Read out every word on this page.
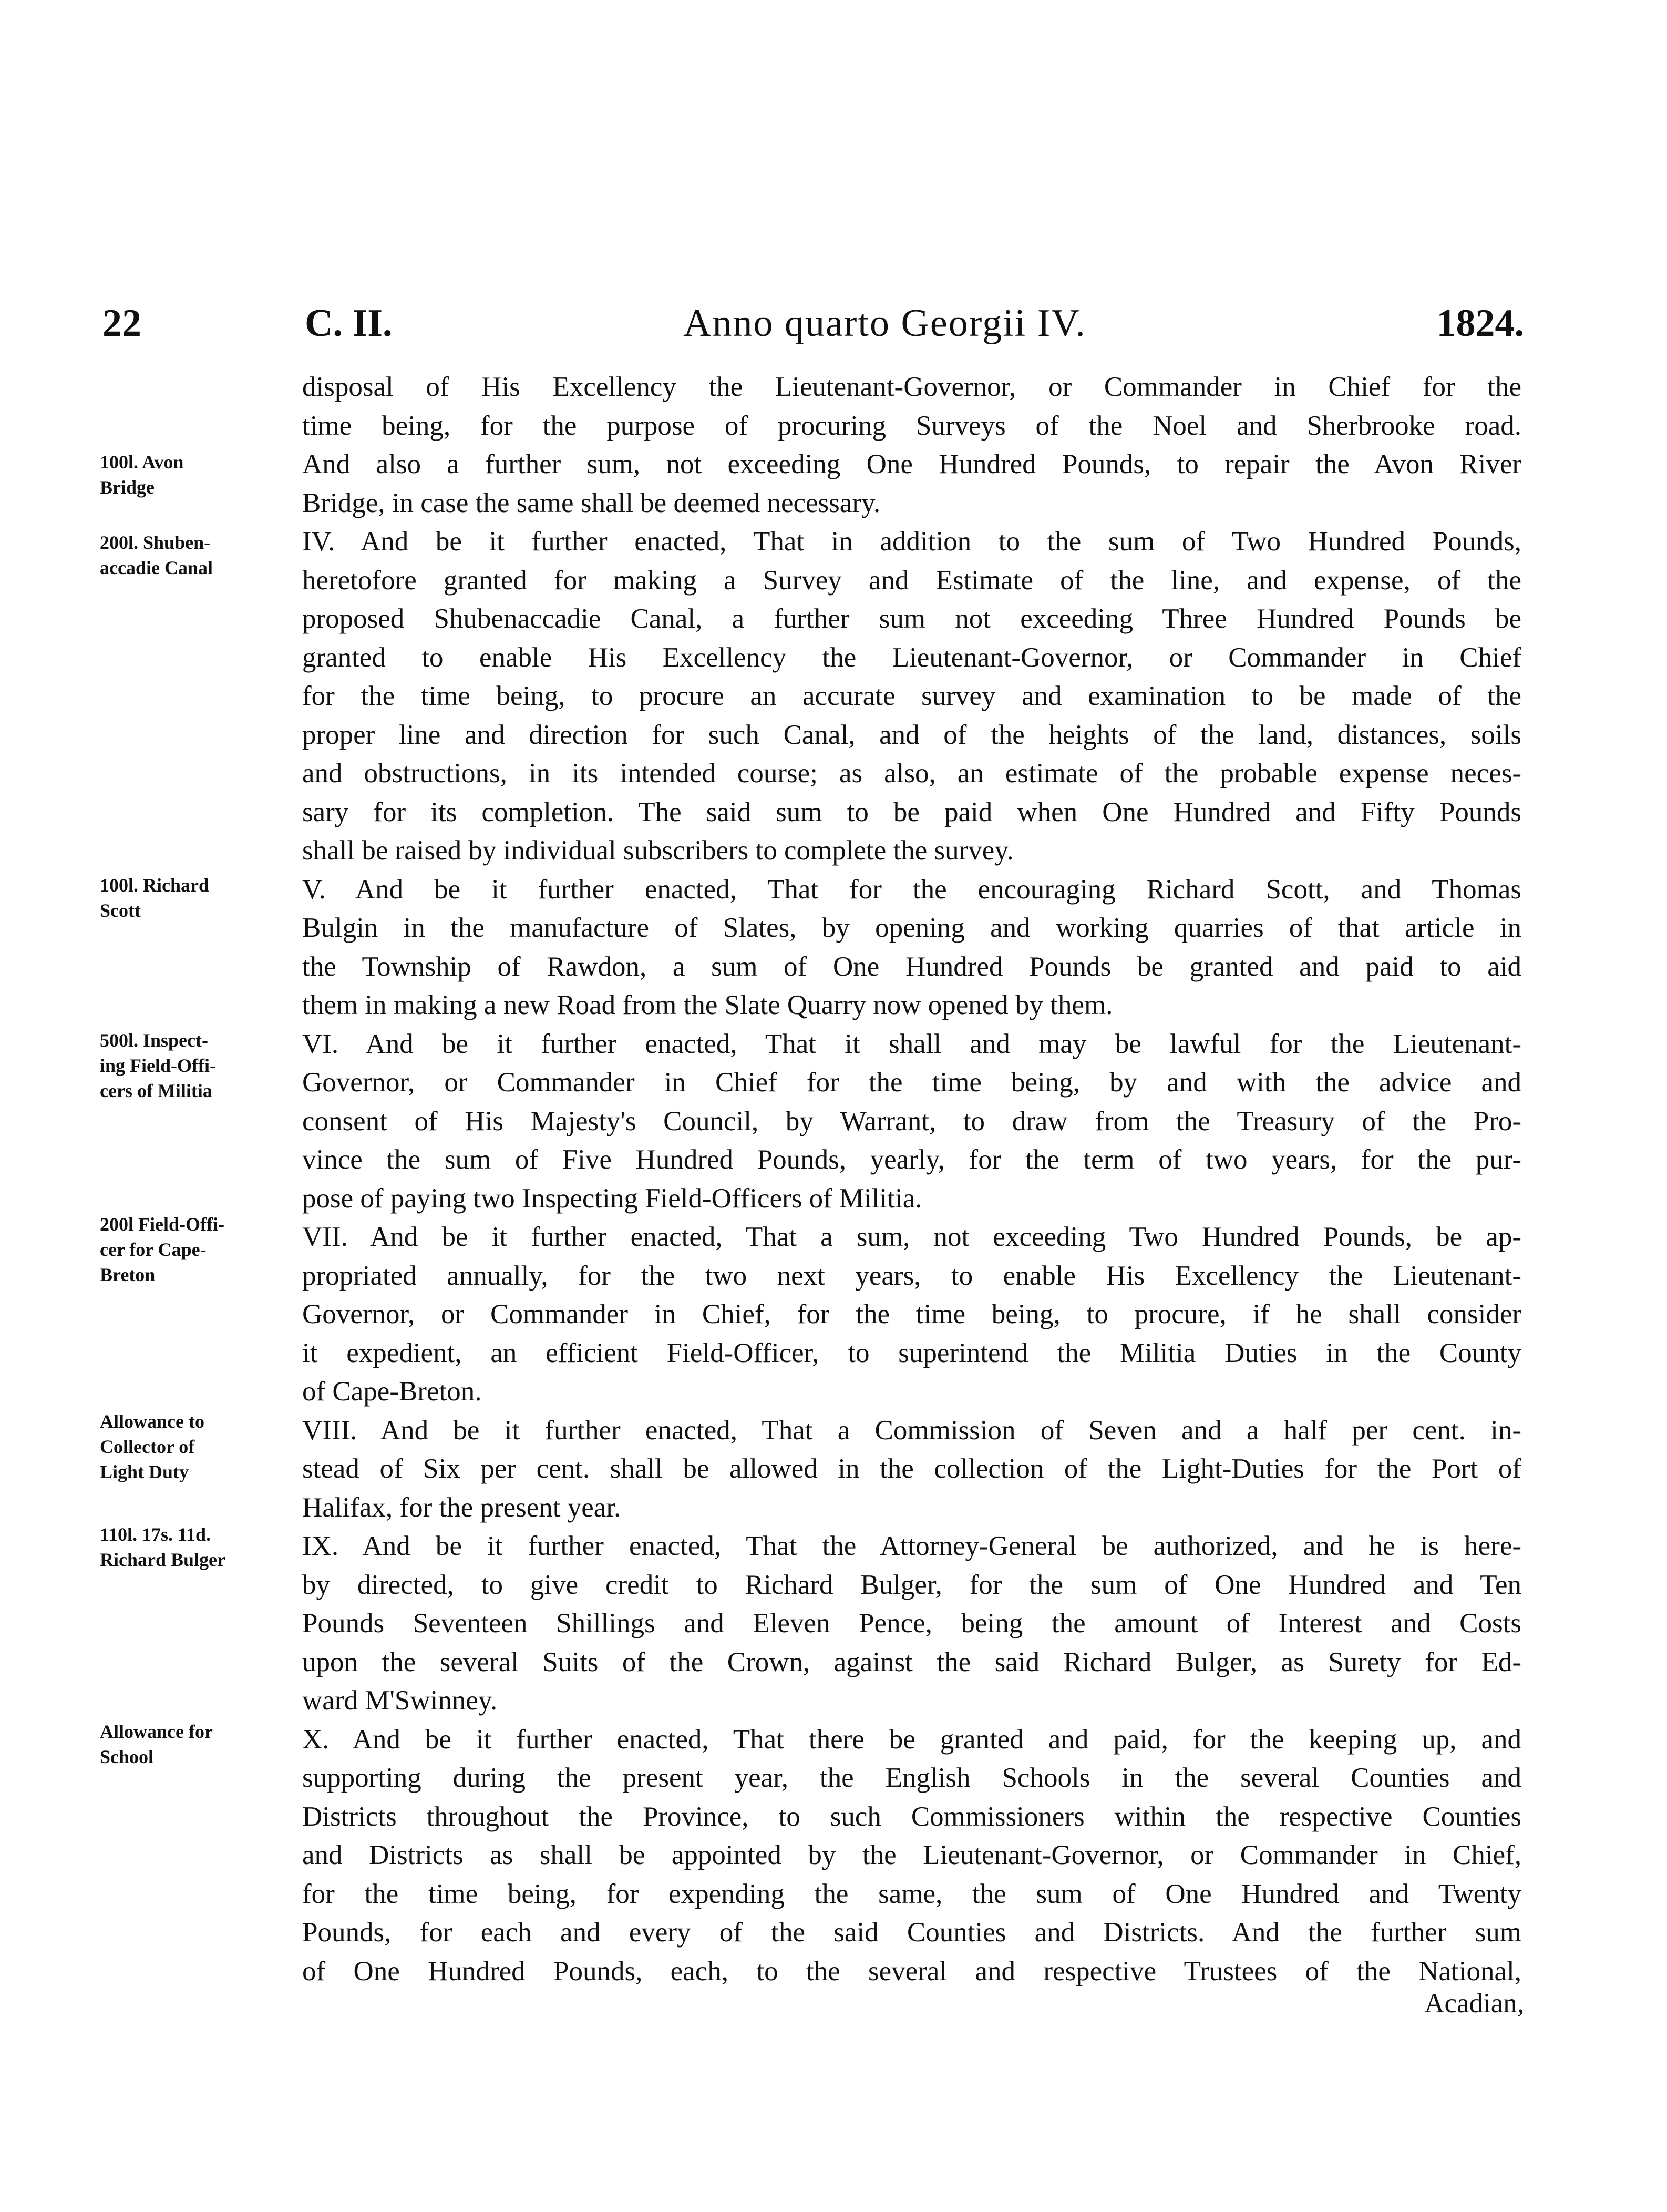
22	C. II.	Anno quarto Georgii IV.	1824.
100l. Avon
Bridge
200l. Shuben-
accadie Canal
100l. Richard
Scott
500l. Inspect-
ing Field-Offi-
cers of Militia
200l Field-Offi-
cer for Cape-
Breton
Allowance to
Collector of
Light Duty
110l. 17s. 11d.
Richard Bulger
Allowance for
School
disposal of His Excellency the Lieutenant-Governor, or Commander in Chief for the
time being, for the purpose of procuring Surveys of the Noel and Sherbrooke road.
And also a further sum, not exceeding One Hundred Pounds, to repair the Avon River
Bridge, in case the same shall be deemed necessary.
IV. And be it further enacted, That in addition to the sum of Two Hundred Pounds,
heretofore granted for making a Survey and Estimate of the line, and expense, of the
proposed Shubenaccadie Canal, a further sum not exceeding Three Hundred Pounds be
granted to enable His Excellency the Lieutenant-Governor, or Commander in Chief
for the time being, to procure an accurate survey and examination to be made of the
proper line and direction for such Canal, and of the heights of the land, distances, soils
and obstructions, in its intended course; as also, an estimate of the probable expense neces-
sary for its completion. The said sum to be paid when One Hundred and Fifty Pounds
shall be raised by individual subscribers to complete the survey.
V. And be it further enacted, That for the encouraging Richard Scott, and Thomas
Bulgin in the manufacture of Slates, by opening and working quarries of that article in
the Township of Rawdon, a sum of One Hundred Pounds be granted and paid to aid
them in making a new Road from the Slate Quarry now opened by them.
VI. And be it further enacted, That it shall and may be lawful for the Lieutenant-
Governor, or Commander in Chief for the time being, by and with the advice and
consent of His Majesty's Council, by Warrant, to draw from the Treasury of the Pro-
vince the sum of Five Hundred Pounds, yearly, for the term of two years, for the pur-
pose of paying two Inspecting Field-Officers of Militia.
VII. And be it further enacted, That a sum, not exceeding Two Hundred Pounds, be ap-
propriated annually, for the two next years, to enable His Excellency the Lieutenant-
Governor, or Commander in Chief, for the time being, to procure, if he shall consider
it expedient, an efficient Field-Officer, to superintend the Militia Duties in the County
of Cape-Breton.
VIII. And be it further enacted, That a Commission of Seven and a half per cent. in-
stead of Six per cent. shall be allowed in the collection of the Light-Duties for the Port of
Halifax, for the present year.
IX. And be it further enacted, That the Attorney-General be authorized, and he is here-
by directed, to give credit to Richard Bulger, for the sum of One Hundred and Ten
Pounds Seventeen Shillings and Eleven Pence, being the amount of Interest and Costs
upon the several Suits of the Crown, against the said Richard Bulger, as Surety for Ed-
ward M'Swinney.
X. And be it further enacted, That there be granted and paid, for the keeping up, and
supporting during the present year, the English Schools in the several Counties and
Districts throughout the Province, to such Commissioners within the respective Counties
and Districts as shall be appointed by the Lieutenant-Governor, or Commander in Chief,
for the time being, for expending the same, the sum of One Hundred and Twenty
Pounds, for each and every of the said Counties and Districts. And the further sum
of One Hundred Pounds, each, to the several and respective Trustees of the National,
Acadian,
